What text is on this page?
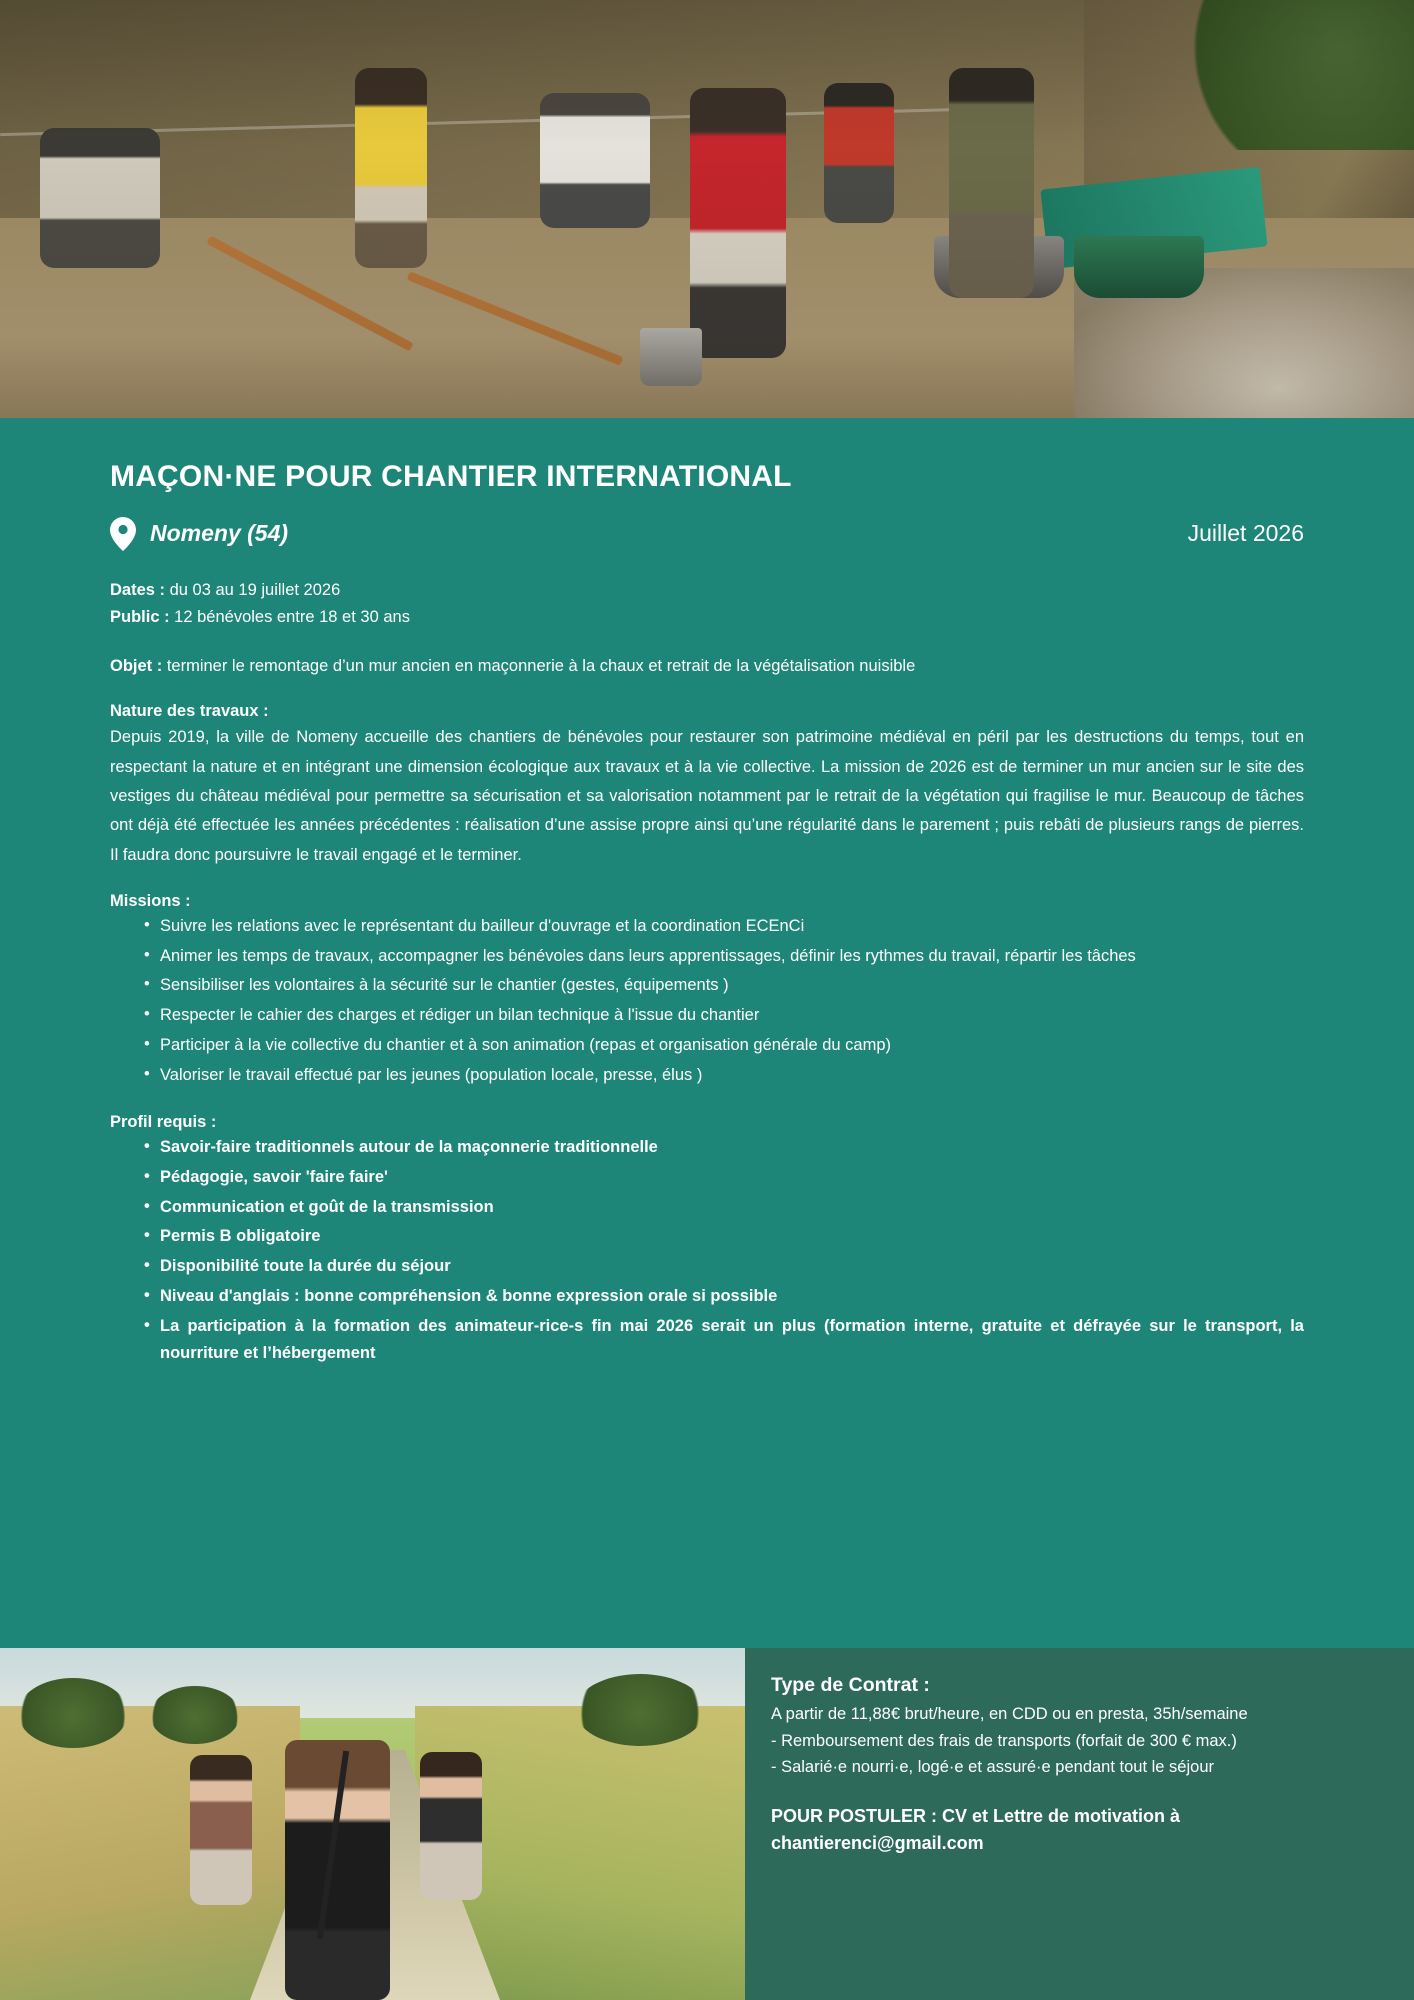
MAÇON·NE POUR CHANTIER INTERNATIONAL
Nomeny (54)	Juillet 2026
Dates : du 03 au 19 juillet 2026
Public : 12 bénévoles entre 18 et 30 ans
Objet : terminer le remontage d’un mur ancien en maçonnerie à la chaux et retrait de la végétalisation nuisible
Nature des travaux :

Depuis 2019, la ville de Nomeny accueille des chantiers de bénévoles pour restaurer son patrimoine médiéval en péril par les destructions du temps, tout en respectant la nature et en intégrant une dimension écologique aux travaux et à la vie collective. La mission de 2026 est de terminer un mur ancien sur le site des vestiges du château médiéval pour permettre sa sécurisation et sa valorisation notamment par le retrait de la végétation qui fragilise le mur. Beaucoup de tâches ont déjà été effectuée les années précédentes : réalisation d’une assise propre ainsi qu’une régularité dans le parement ; puis rebâti de plusieurs rangs de pierres. Il faudra donc poursuivre le travail engagé et le terminer.

Missions :
• Suivre les relations avec le représentant du bailleur d'ouvrage et la coordination ECEnCi
• Animer les temps de travaux, accompagner les bénévoles dans leurs apprentissages, définir les rythmes du travail, répartir les tâches
• Sensibiliser les volontaires à la sécurité sur le chantier (gestes, équipements )
• Respecter le cahier des charges et rédiger un bilan technique à l'issue du chantier
• Participer à la vie collective du chantier et à son animation (repas et organisation générale du camp)
• Valoriser le travail effectué par les jeunes (population locale, presse, élus )
Profil requis :
• Savoir-faire traditionnels autour de la maçonnerie traditionnelle
• Pédagogie, savoir 'faire faire'
• Communication et goût de la transmission
• Permis B obligatoire
• Disponibilité toute la durée du séjour
• Niveau d'anglais : bonne compréhension & bonne expression orale si possible
• La participation à la formation des animateur-rice-s fin mai 2026 serait un plus (formation interne, gratuite et défrayée sur le transport, la nourriture et l’hébergement
Type de Contrat :
A partir de 11,88€ brut/heure, en CDD ou en presta, 35h/semaine
- Remboursement des frais de transports (forfait de 300 € max.)
- Salarié·e nourri·e, logé·e et assuré·e pendant tout le séjour
POUR POSTULER : CV et Lettre de motivation à
chantierenci@gmail.com
